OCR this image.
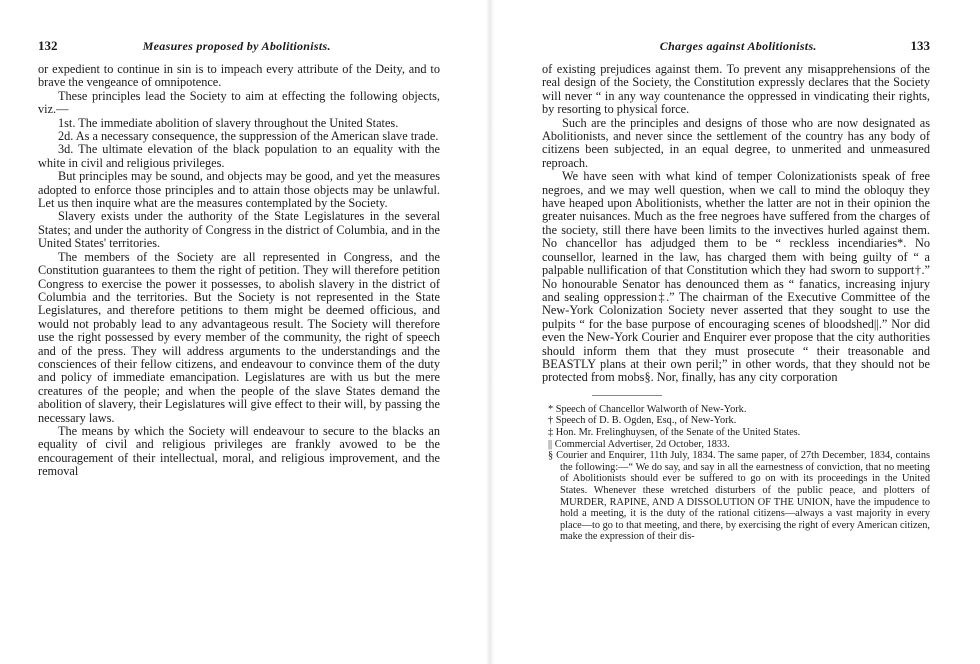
132	Measures proposed by Abolitionists.

or expedient to continue in sin is to impeach every attribute of the Deity, and to brave the vengeance of omnipotence.

These principles lead the Society to aim at effecting the following objects, viz.—

1st. The immediate abolition of slavery throughout the United States.

2d. As a necessary consequence, the suppression of the American slave trade.

3d. The ultimate elevation of the black population to an equality with the white in civil and religious privileges.

But principles may be sound, and objects may be good, and yet the measures adopted to enforce those principles and to attain those objects may be unlawful. Let us then inquire what are the measures contemplated by the Society.

Slavery exists under the authority of the State Legislatures in the several States; and under the authority of Congress in the district of Columbia, and in the United States' territories.

The members of the Society are all represented in Congress, and the Constitution guarantees to them the right of petition. They will therefore petition Congress to exercise the power it possesses, to abolish slavery in the district of Columbia and the territories. But the Society is not represented in the State Legislatures, and therefore petitions to them might be deemed officious, and would not probably lead to any advantageous result. The Society will therefore use the right possessed by every member of the community, the right of speech and of the press. They will address arguments to the understandings and the consciences of their fellow citizens, and endeavour to convince them of the duty and policy of immediate emancipation. Legislatures are with us but the mere creatures of the people; and when the people of the slave States demand the abolition of slavery, their Legislatures will give effect to their will, by passing the necessary laws.

The means by which the Society will endeavour to secure to the blacks an equality of civil and religious privileges are frankly avowed to be the encouragement of their intellectual, moral, and religious improvement, and the removal

Charges against Abolitionists.	133

of existing prejudices against them. To prevent any misapprehensions of the real design of the Society, the Constitution expressly declares that the Society will never “ in any way countenance the oppressed in vindicating their rights, by resorting to physical force.

Such are the principles and designs of those who are now designated as Abolitionists, and never since the settlement of the country has any body of citizens been subjected, in an equal degree, to unmerited and unmeasured reproach.

We have seen with what kind of temper Colonizationists speak of free negroes, and we may well question, when we call to mind the obloquy they have heaped upon Abolitionists, whether the latter are not in their opinion the greater nuisances. Much as the free negroes have suffered from the charges of the society, still there have been limits to the invectives hurled against them. No chancellor has adjudged them to be “ reckless incendiaries*. No counsellor, learned in the law, has charged them with being guilty of “ a palpable nullification of that Constitution which they had sworn to support†.” No honourable Senator has denounced them as “ fanatics, increasing injury and sealing oppression‡.” The chairman of the Executive Committee of the New-York Colonization Society never asserted that they sought to use the pulpits “ for the base purpose of encouraging scenes of bloodshed||.” Nor did even the New-York Courier and Enquirer ever propose that the city authorities should inform them that they must prosecute “ their treasonable and BEASTLY plans at their own peril;” in other words, that they should not be protected from mobs§. Nor, finally, has any city corporation

* Speech of Chancellor Walworth of New-York.

† Speech of D. B. Ogden, Esq., of New-York.

‡ Hon. Mr. Frelinghuysen, of the Senate of the United States.

|| Commercial Advertiser, 2d October, 1833.

§ Courier and Enquirer, 11th July, 1834. The same paper, of 27th December, 1834, contains the following:—“ We do say, and say in all the earnestness of conviction, that no meeting of Abolitionists should ever be suffered to go on with its proceedings in the United States. Whenever these wretched disturbers of the public peace, and plotters of MURDER, RAPINE, AND A DISSOLUTION OF THE UNION, have the impudence to hold a meeting, it is the duty of the rational citizens—always a vast majority in every place—to go to that meeting, and there, by exercising the right of every American citizen, make the expression of their dis-
